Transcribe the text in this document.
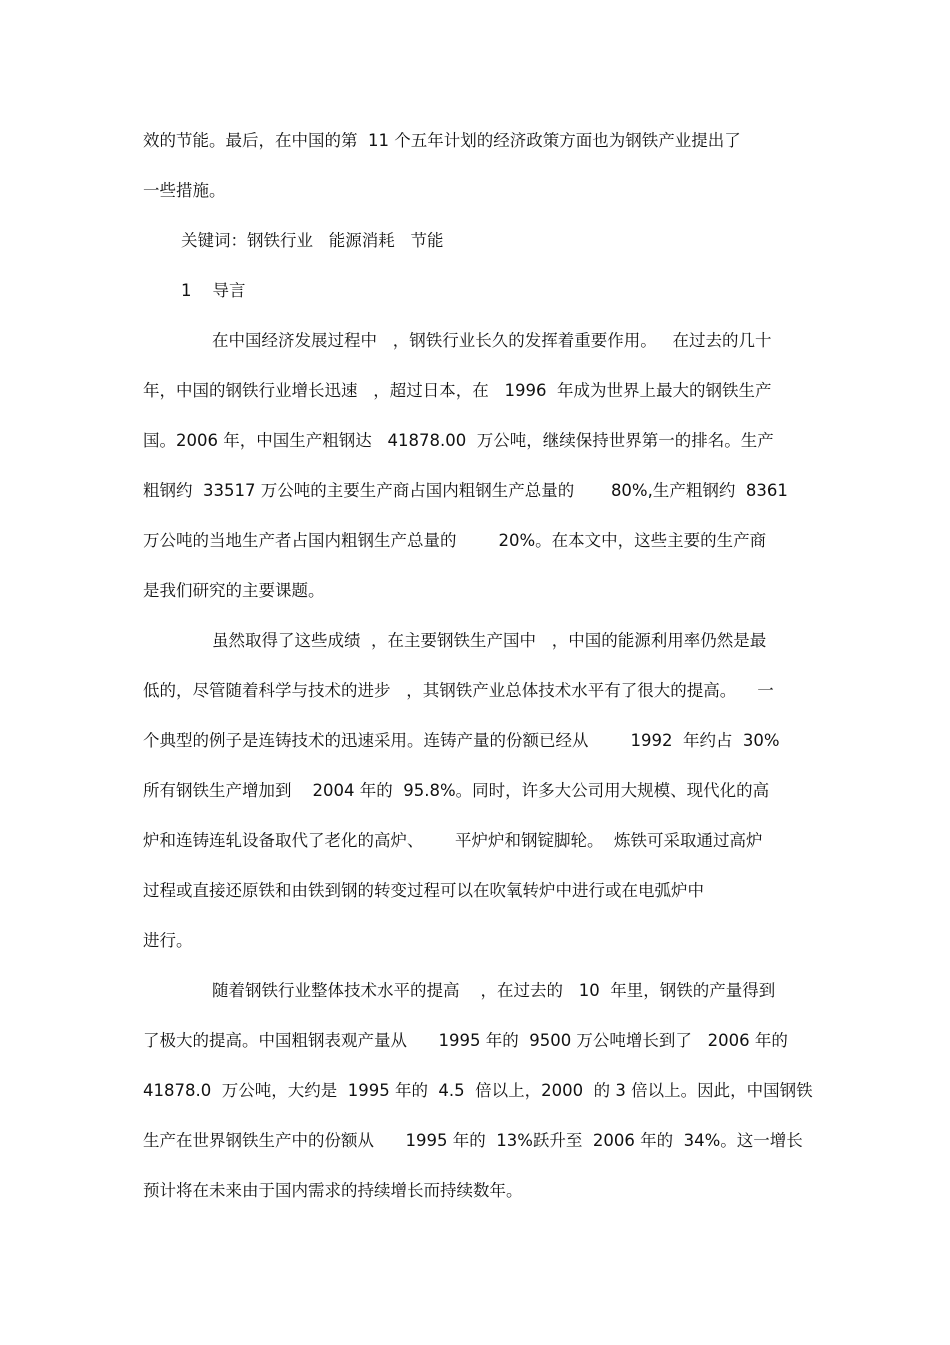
效的节能。最后，在中国的第  11 个五年计划的经济政策方面也为钢铁产业提出了

一些措施。

关键词：钢铁行业   能源消耗   节能

1    导言

在中国经济发展过程中   ，钢铁行业长久的发挥着重要作用。   在过去的几十

年，中国的钢铁行业增长迅速   ，超过日本，在   1996  年成为世界上最大的钢铁生产

国。2006 年，中国生产粗钢达   41878.00  万公吨，继续保持世界第一的排名。生产

粗钢约  33517 万公吨的主要生产商占国内粗钢生产总量的       80%,生产粗钢约  8361

万公吨的当地生产者占国内粗钢生产总量的        20%。在本文中，这些主要的生产商

是我们研究的主要课题。

虽然取得了这些成绩  ，在主要钢铁生产国中   ，中国的能源利用率仍然是最

低的，尽管随着科学与技术的进步   ，其钢铁产业总体技术水平有了很大的提高。    一

个典型的例子是连铸技术的迅速采用。连铸产量的份额已经从        1992  年约占  30%

所有钢铁生产增加到    2004 年的  95.8%。同时，许多大公司用大规模、现代化的高

炉和连铸连轧设备取代了老化的高炉、      平炉炉和钢锭脚轮。  炼铁可采取通过高炉

过程或直接还原铁和由铁到钢的转变过程可以在吹氧转炉中进行或在电弧炉中

进行。

随着钢铁行业整体技术水平的提高    ，在过去的   10  年里，钢铁的产量得到

了极大的提高。中国粗钢表观产量从      1995 年的  9500 万公吨增长到了   2006 年的

41878.0  万公吨，大约是  1995 年的  4.5  倍以上，2000  的 3 倍以上。因此，中国钢铁

生产在世界钢铁生产中的份额从      1995 年的  13%跃升至  2006 年的  34%。这一增长

预计将在未来由于国内需求的持续增长而持续数年。
